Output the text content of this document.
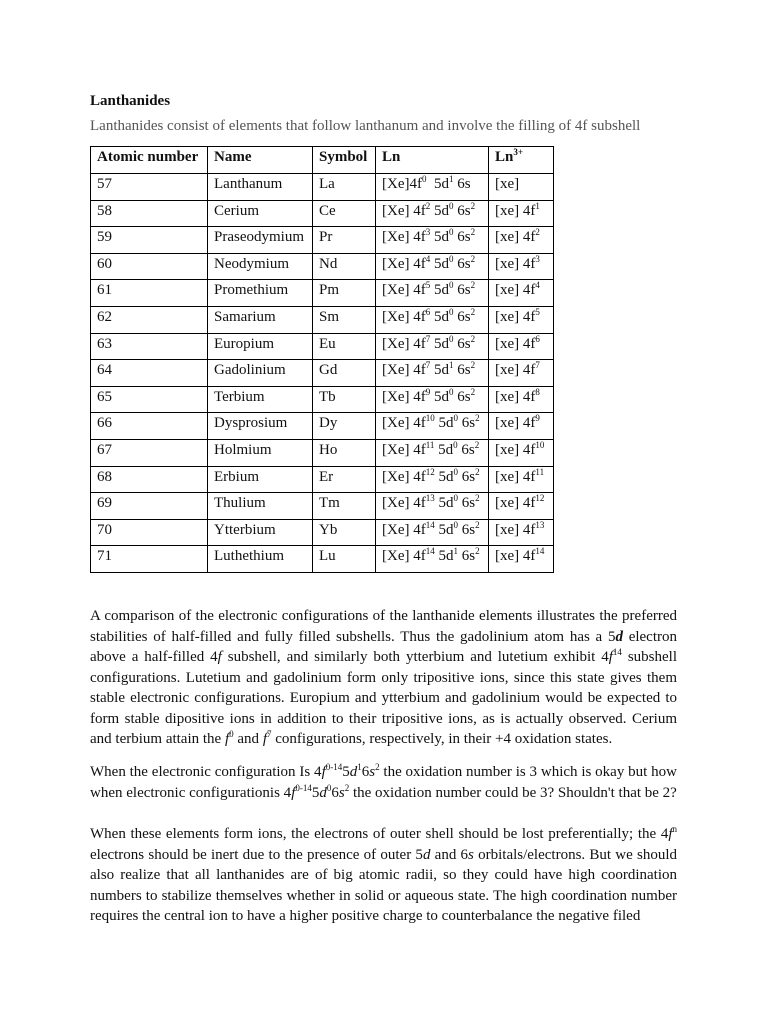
Lanthanides

Lanthanides consist of elements that follow lanthanum and involve the filling of 4f subshell

Atomic number	Name	Symbol	Ln	$Ln^{3+}$
57	Lanthanum	La	$[Xe]4f^0$  $5d^1$ 6s	[xe]
58	Cerium	Ce	[Xe] $4f^2$ $5d^0$ $6s^2$	[xe] $4f^1$
59	Praseodymium	Pr	[Xe] $4f^3$ $5d^0$ $6s^2$	[xe] $4f^2$
60	Neodymium	Nd	[Xe] $4f^4$ $5d^0$ $6s^2$	[xe] $4f^3$
61	Promethium	Pm	[Xe] $4f^5$ $5d^0$ $6s^2$	[xe] $4f^4$
62	Samarium	Sm	[Xe] $4f^6$ $5d^0$ $6s^2$	[xe] $4f^5$
63	Europium	Eu	[Xe] $4f^7$ $5d^0$ $6s^2$	[xe] $4f^6$
64	Gadolinium	Gd	[Xe] $4f^7$ $5d^1$ $6s^2$	[xe] $4f^7$
65	Terbium	Tb	[Xe] $4f^9$ $5d^0$ $6s^2$	[xe] $4f^8$
66	Dysprosium	Dy	[Xe] $4f^{10}$ $5d^0$ $6s^2$	[xe] $4f^9$
67	Holmium	Ho	[Xe] $4f^{11}$ $5d^0$ $6s^2$	[xe] $4f^{10}$
68	Erbium	Er	[Xe] $4f^{12}$ $5d^0$ $6s^2$	[xe] $4f^{11}$
69	Thulium	Tm	[Xe] $4f^{13}$ $5d^0$ $6s^2$	[xe] $4f^{12}$
70	Ytterbium	Yb	[Xe] $4f^{14}$ $5d^0$ $6s^2$	[xe] $4f^{13}$
71	Luthethium	Lu	[Xe] $4f^{14}$ $5d^1$ $6s^2$	[xe] $4f^{14}$

A comparison of the electronic configurations of the lanthanide elements illustrates the preferred stabilities of half-filled and fully filled subshells. Thus the gadolinium atom has a 5d electron above a half-filled 4f subshell, and similarly both ytterbium and lutetium exhibit $4f^{14}$ subshell configurations. Lutetium and gadolinium form only tripositive ions, since this state gives them stable electronic configurations. Europium and ytterbium and gadolinium would be expected to form stable dipositive ions in addition to their tripositive ions, as is actually observed. Cerium and terbium attain the $f^0$ and $f^7$ configurations, respectively, in their +4 oxidation states.

When the electronic configuration Is $4f^{0-14}5d^16s^2$ the oxidation number is 3 which is okay but how when electronic configurationis $4f^{0-14}5d^06s^2$ the oxidation number could be 3? Shouldn't that be 2?

When these elements form ions, the electrons of outer shell should be lost preferentially; the $4f^n$ electrons should be inert due to the presence of outer 5d and 6s orbitals/electrons. But we should also realize that all lanthanides are of big atomic radii, so they could have high coordination numbers to stabilize themselves whether in solid or aqueous state. The high coordination number requires the central ion to have a higher positive charge to counterbalance the negative filed
